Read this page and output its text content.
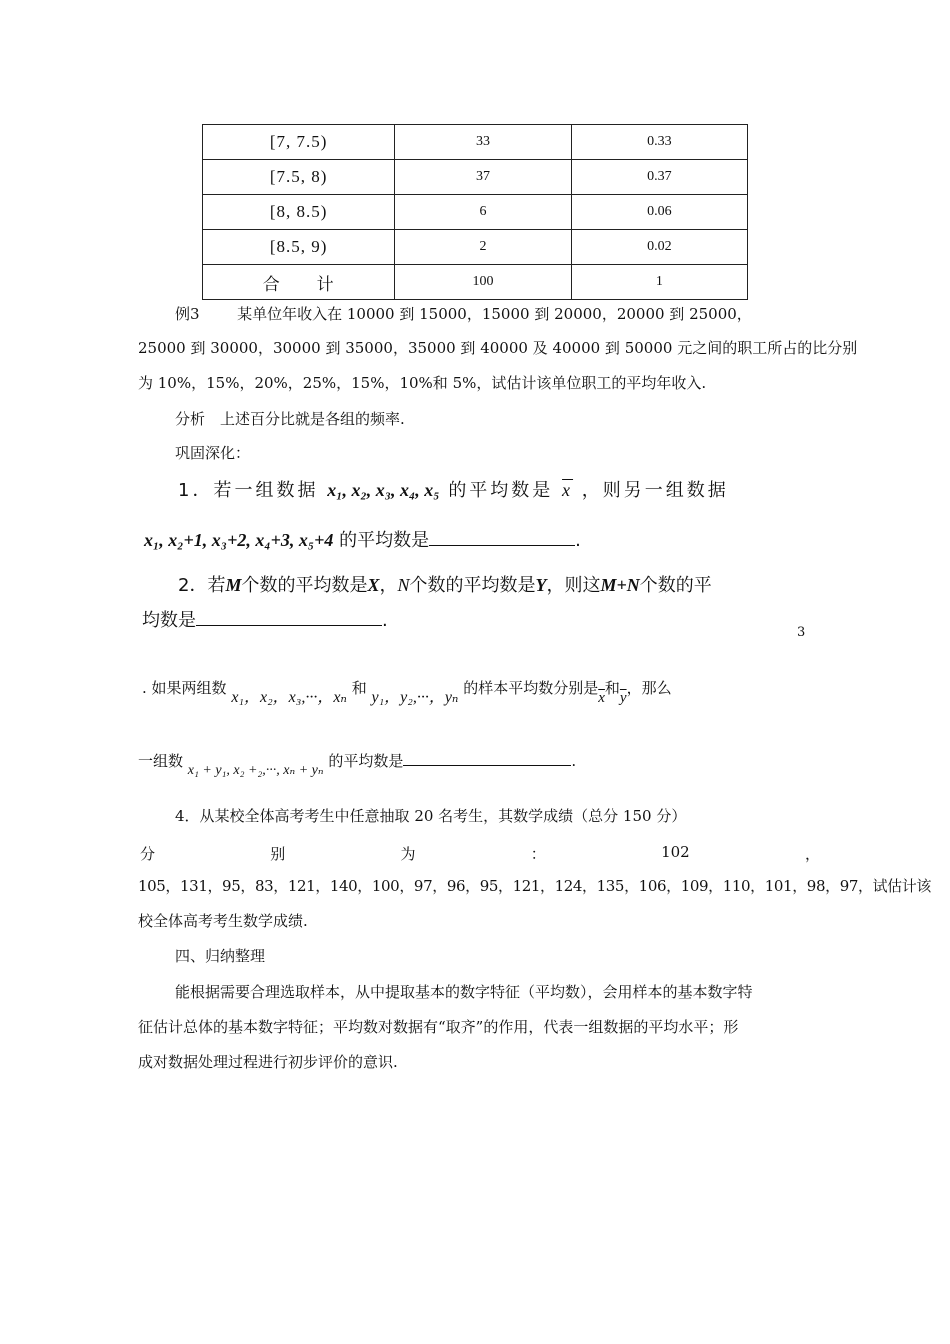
[7, 7.5)	33	0.33
[7.5, 8)	37	0.37
[8, 8.5)	6	0.06
[8.5, 9)	2	0.02
合　　计	100	1
例3	某单位年收入在 10000 到 15000，15000 到 20000，20000 到 25000，
25000 到 30000，30000 到 35000，35000 到 40000 及 40000 到 50000 元之间的职工所占的比分别
为 10%，15%，20%，25%，15%，10%和 5%，试估计该单位职工的平均年收入.
分析　上述百分比就是各组的频率.
巩固深化：
1．若一组数据 x₁, x₂, x₃, x₄, x₅ 的平均数是 $\overline{x}$ ，则另一组数据
x₁, x₂+1, x₃+2, x₄+3, x₅+4 的平均数是	.
2．若M个数的平均数是X，N个数的平均数是Y，则这M+N个数的平
均数是	.
3
. 如果两组数 x₁，x₂，x₃,···，xₙ 和 y₁，y₂,···，yₙ 的样本平均数分别是$\overline{x}$和$\overline{y}$，那么
一组数 x₁ + y₁, x₂ +₂,···, xₙ + yₙ 的平均数是	.
4．从某校全体高考考生中任意抽取 20 名考生，其数学成绩（总分 150 分）
分	别	为	：	102	，
105，131，95，83，121，140，100，97，96，95，121，124，135，106，109，110，101，98，97，试估计该
校全体高考考生数学成绩.
四、归纳整理
能根据需要合理选取样本，从中提取基本的数字特征（平均数），会用样本的基本数字特
征估计总体的基本数字特征；平均数对数据有“取齐”的作用，代表一组数据的平均水平；形
成对数据处理过程进行初步评价的意识.
